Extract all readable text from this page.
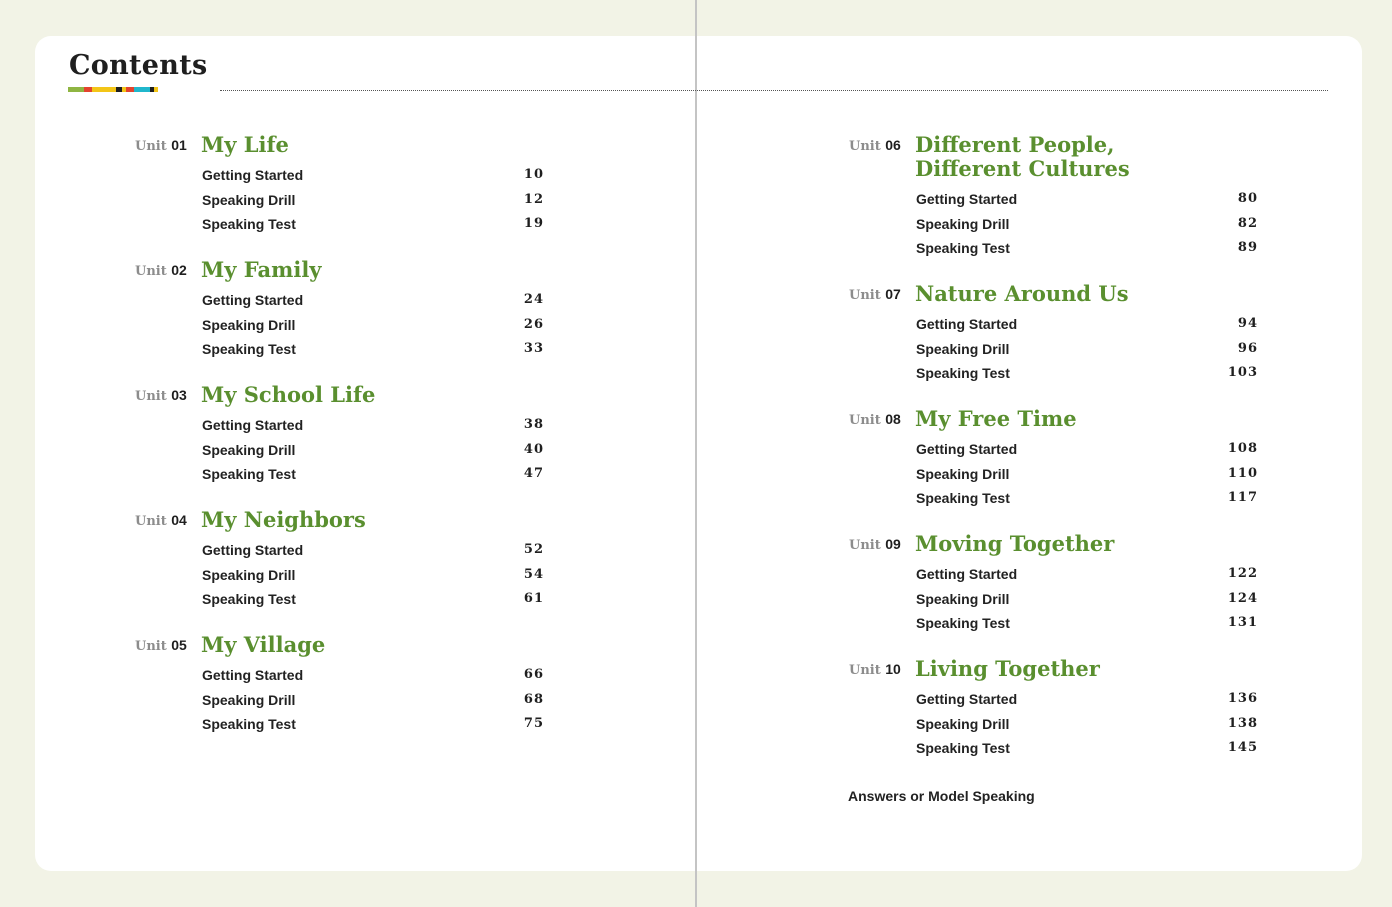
Contents
Unit 01 My Life
Getting Started	10
Speaking Drill	12
Speaking Test	19
Unit 02 My Family
Getting Started	24
Speaking Drill	26
Speaking Test	33
Unit 03 My School Life
Getting Started	38
Speaking Drill	40
Speaking Test	47
Unit 04 My Neighbors
Getting Started	52
Speaking Drill	54
Speaking Test	61
Unit 05 My Village
Getting Started	66
Speaking Drill	68
Speaking Test	75
Unit 06 Different People,
Different Cultures
Getting Started	80
Speaking Drill	82
Speaking Test	89
Unit 07 Nature Around Us
Getting Started	94
Speaking Drill	96
Speaking Test	103
Unit 08 My Free Time
Getting Started	108
Speaking Drill	110
Speaking Test	117
Unit 09 Moving Together
Getting Started	122
Speaking Drill	124
Speaking Test	131
Unit 10 Living Together
Getting Started	136
Speaking Drill	138
Speaking Test	145
Answers or Model Speaking
